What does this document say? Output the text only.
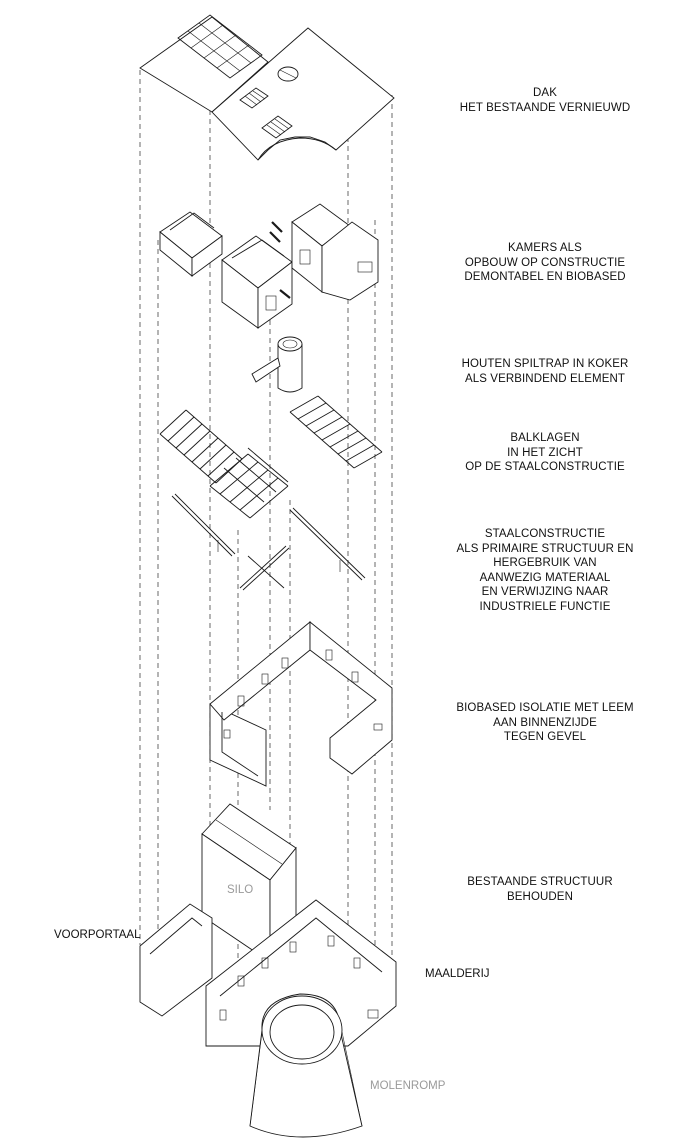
DAK
HET BESTAANDE VERNIEUWD
KAMERS ALS
OPBOUW OP CONSTRUCTIE
DEMONTABEL EN BIOBASED
HOUTEN SPILTRAP IN KOKER
ALS VERBINDEND ELEMENT
BALKLAGEN
IN HET ZICHT
OP DE STAALCONSTRUCTIE
STAALCONSTRUCTIE
ALS PRIMAIRE STRUCTUUR EN
HERGEBRUIK VAN
AANWEZIG MATERIAAL
EN VERWIJZING NAAR
INDUSTRIELE FUNCTIE
BIOBASED ISOLATIE MET LEEM
AAN BINNENZIJDE
TEGEN GEVEL
BESTAANDE STRUCTUUR
BEHOUDEN
SILO
VOORPORTAAL
MAALDERIJ
MOLENROMP
